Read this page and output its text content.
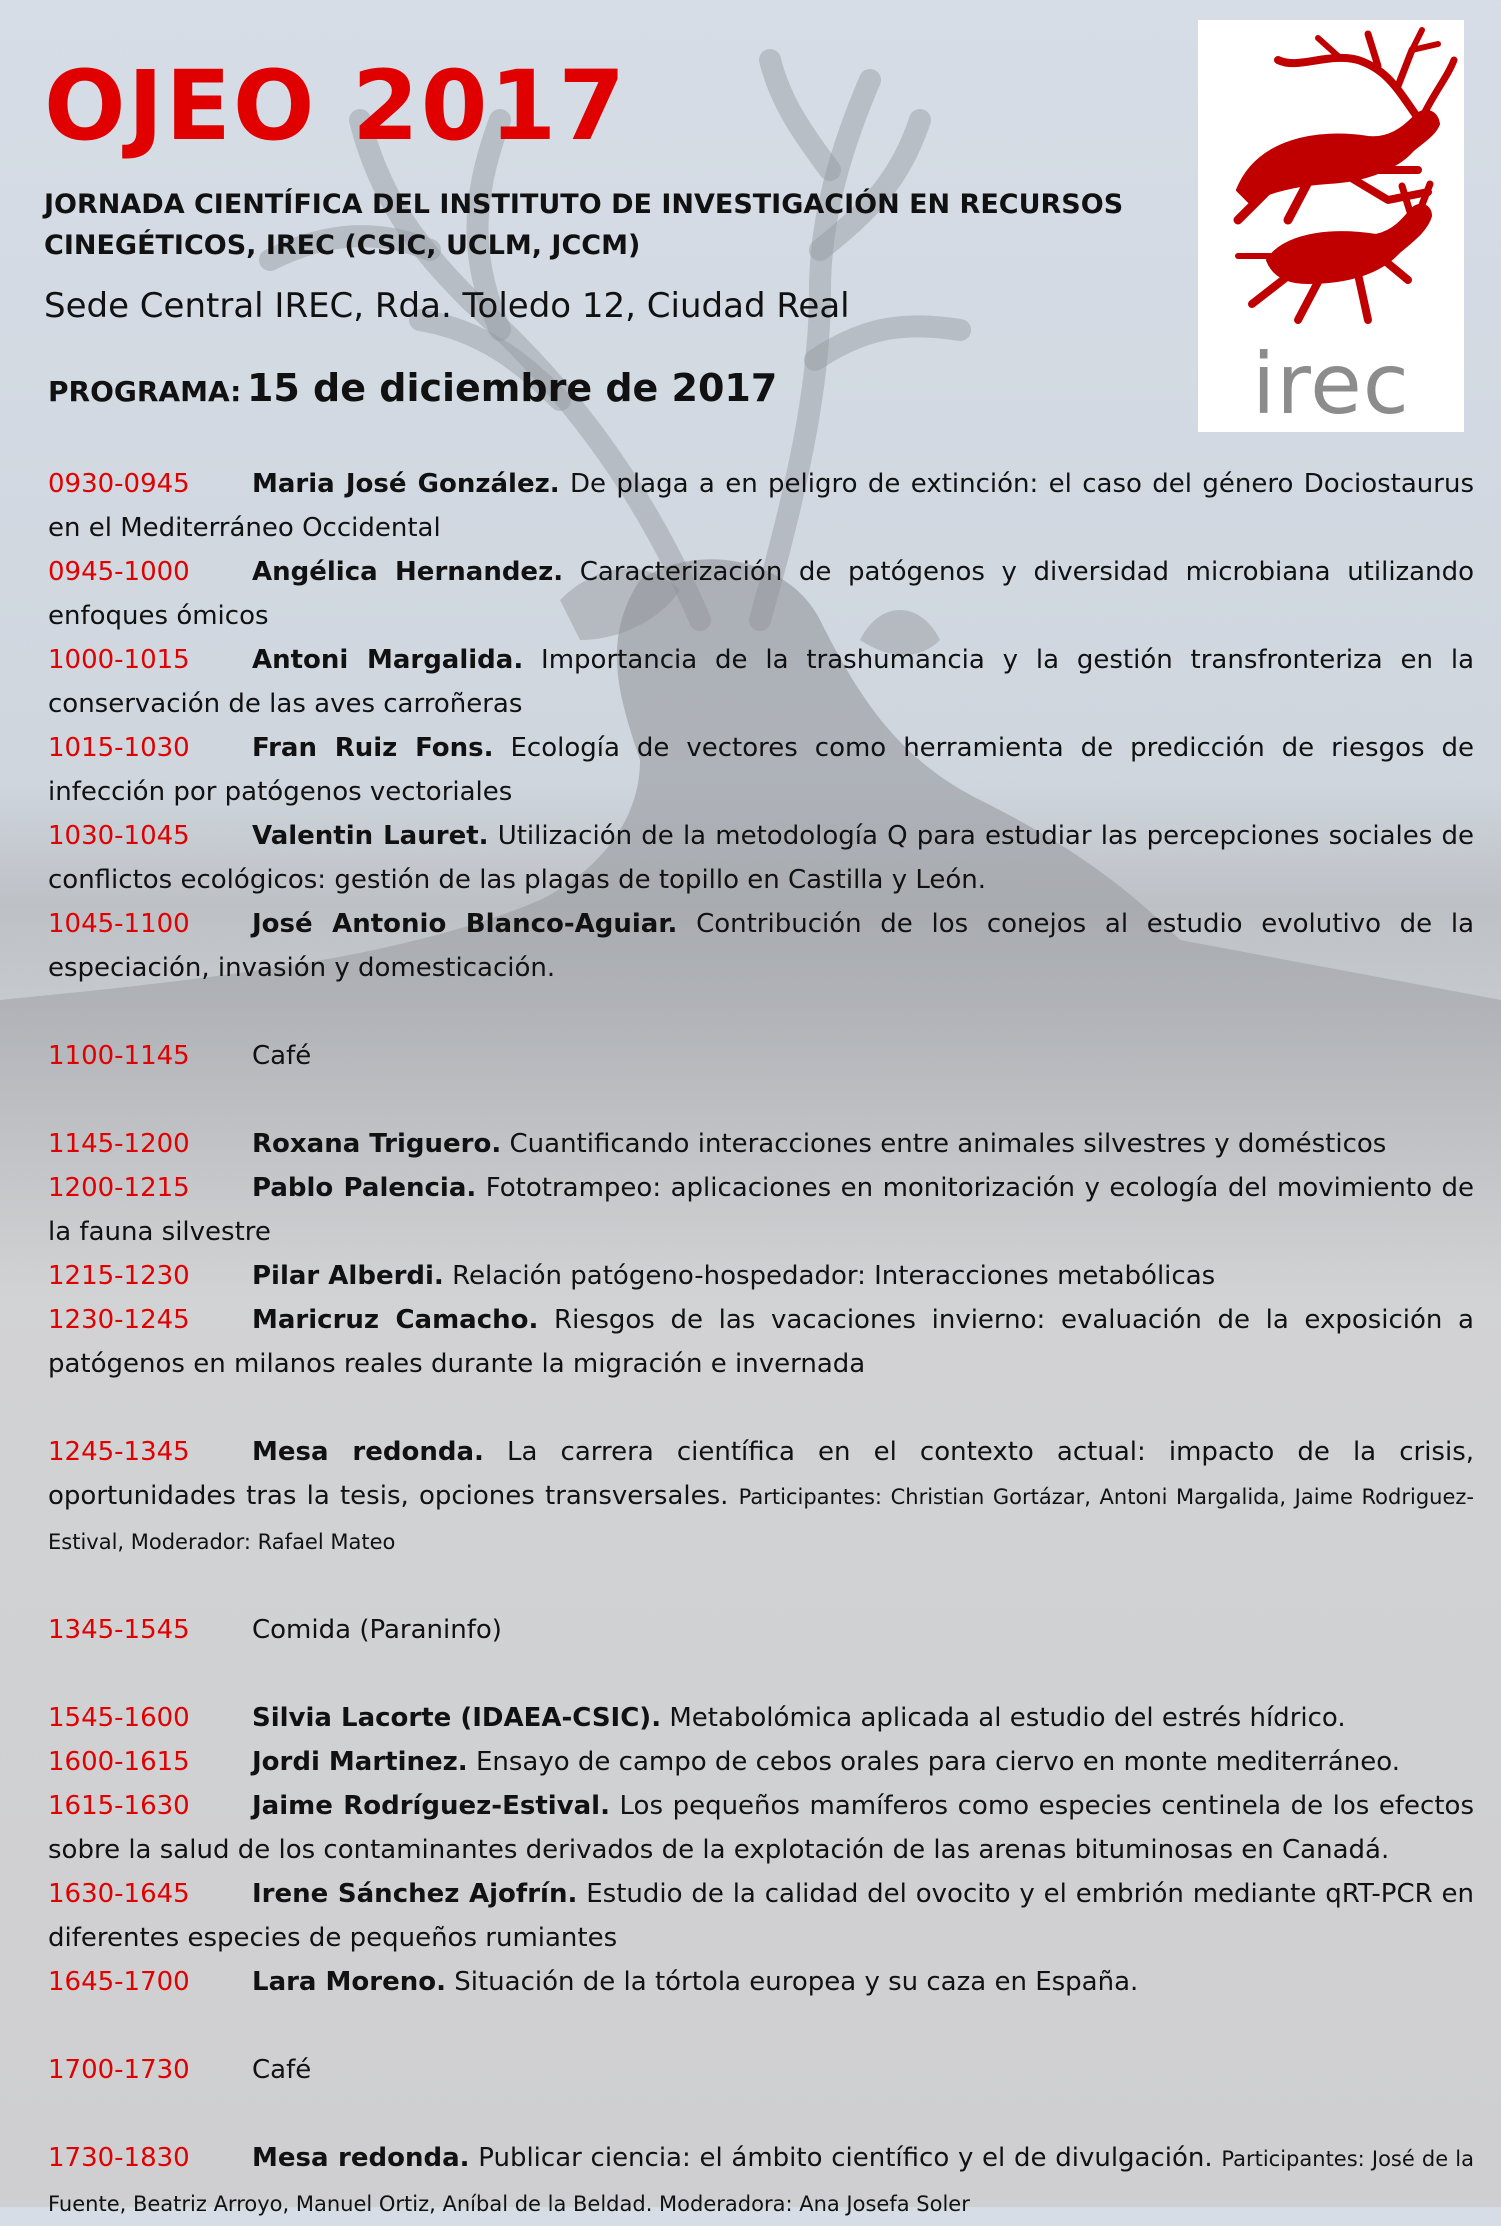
OJEO 2017
JORNADA CIENTÍFICA DEL INSTITUTO DE INVESTIGACIÓN EN RECURSOS CINEGÉTICOS, IREC (CSIC, UCLM, JCCM)
Sede Central IREC, Rda. Toledo 12, Ciudad Real
PROGRAMA: 15 de diciembre de 2017	irec
0930-0945 Maria José González. De plaga a en peligro de extinción: el caso del género Dociostaurus en el Mediterráneo Occidental
0945-1000 Angélica Hernandez. Caracterización de patógenos y diversidad microbiana utilizando enfoques ómicos
1000-1015 Antoni Margalida. Importancia de la trashumancia y la gestión transfronteriza en la conservación de las aves carroñeras
1015-1030 Fran Ruiz Fons. Ecología de vectores como herramienta de predicción de riesgos de infección por patógenos vectoriales
1030-1045 Valentin Lauret. Utilización de la metodología Q para estudiar las percepciones sociales de conflictos ecológicos: gestión de las plagas de topillo en Castilla y León.
1045-1100 José Antonio Blanco-Aguiar. Contribución de los conejos al estudio evolutivo de la especiación, invasión y domesticación.
1100-1145 Café
1145-1200 Roxana Triguero. Cuantificando interacciones entre animales silvestres y domésticos
1200-1215 Pablo Palencia. Fototrampeo: aplicaciones en monitorización y ecología del movimiento de la fauna silvestre
1215-1230 Pilar Alberdi. Relación patógeno-hospedador: Interacciones metabólicas
1230-1245 Maricruz Camacho. Riesgos de las vacaciones invierno: evaluación de la exposición a patógenos en milanos reales durante la migración e invernada
1245-1345 Mesa redonda. La carrera científica en el contexto actual: impacto de la crisis, oportunidades tras la tesis, opciones transversales. Participantes: Christian Gortázar, Antoni Margalida, Jaime Rodriguez-Estival, Moderador: Rafael Mateo
1345-1545 Comida (Paraninfo)
1545-1600 Silvia Lacorte (IDAEA-CSIC). Metabolómica aplicada al estudio del estrés hídrico.
1600-1615 Jordi Martinez. Ensayo de campo de cebos orales para ciervo en monte mediterráneo.
1615-1630 Jaime Rodríguez-Estival. Los pequeños mamíferos como especies centinela de los efectos sobre la salud de los contaminantes derivados de la explotación de las arenas bituminosas en Canadá.
1630-1645 Irene Sánchez Ajofrín. Estudio de la calidad del ovocito y el embrión mediante qRT-PCR en diferentes especies de pequeños rumiantes
1645-1700 Lara Moreno. Situación de la tórtola europea y su caza en España.
1700-1730 Café
1730-1830 Mesa redonda. Publicar ciencia: el ámbito científico y el de divulgación. Participantes: José de la Fuente, Beatriz Arroyo, Manuel Ortiz, Aníbal de la Beldad. Moderadora: Ana Josefa Soler
